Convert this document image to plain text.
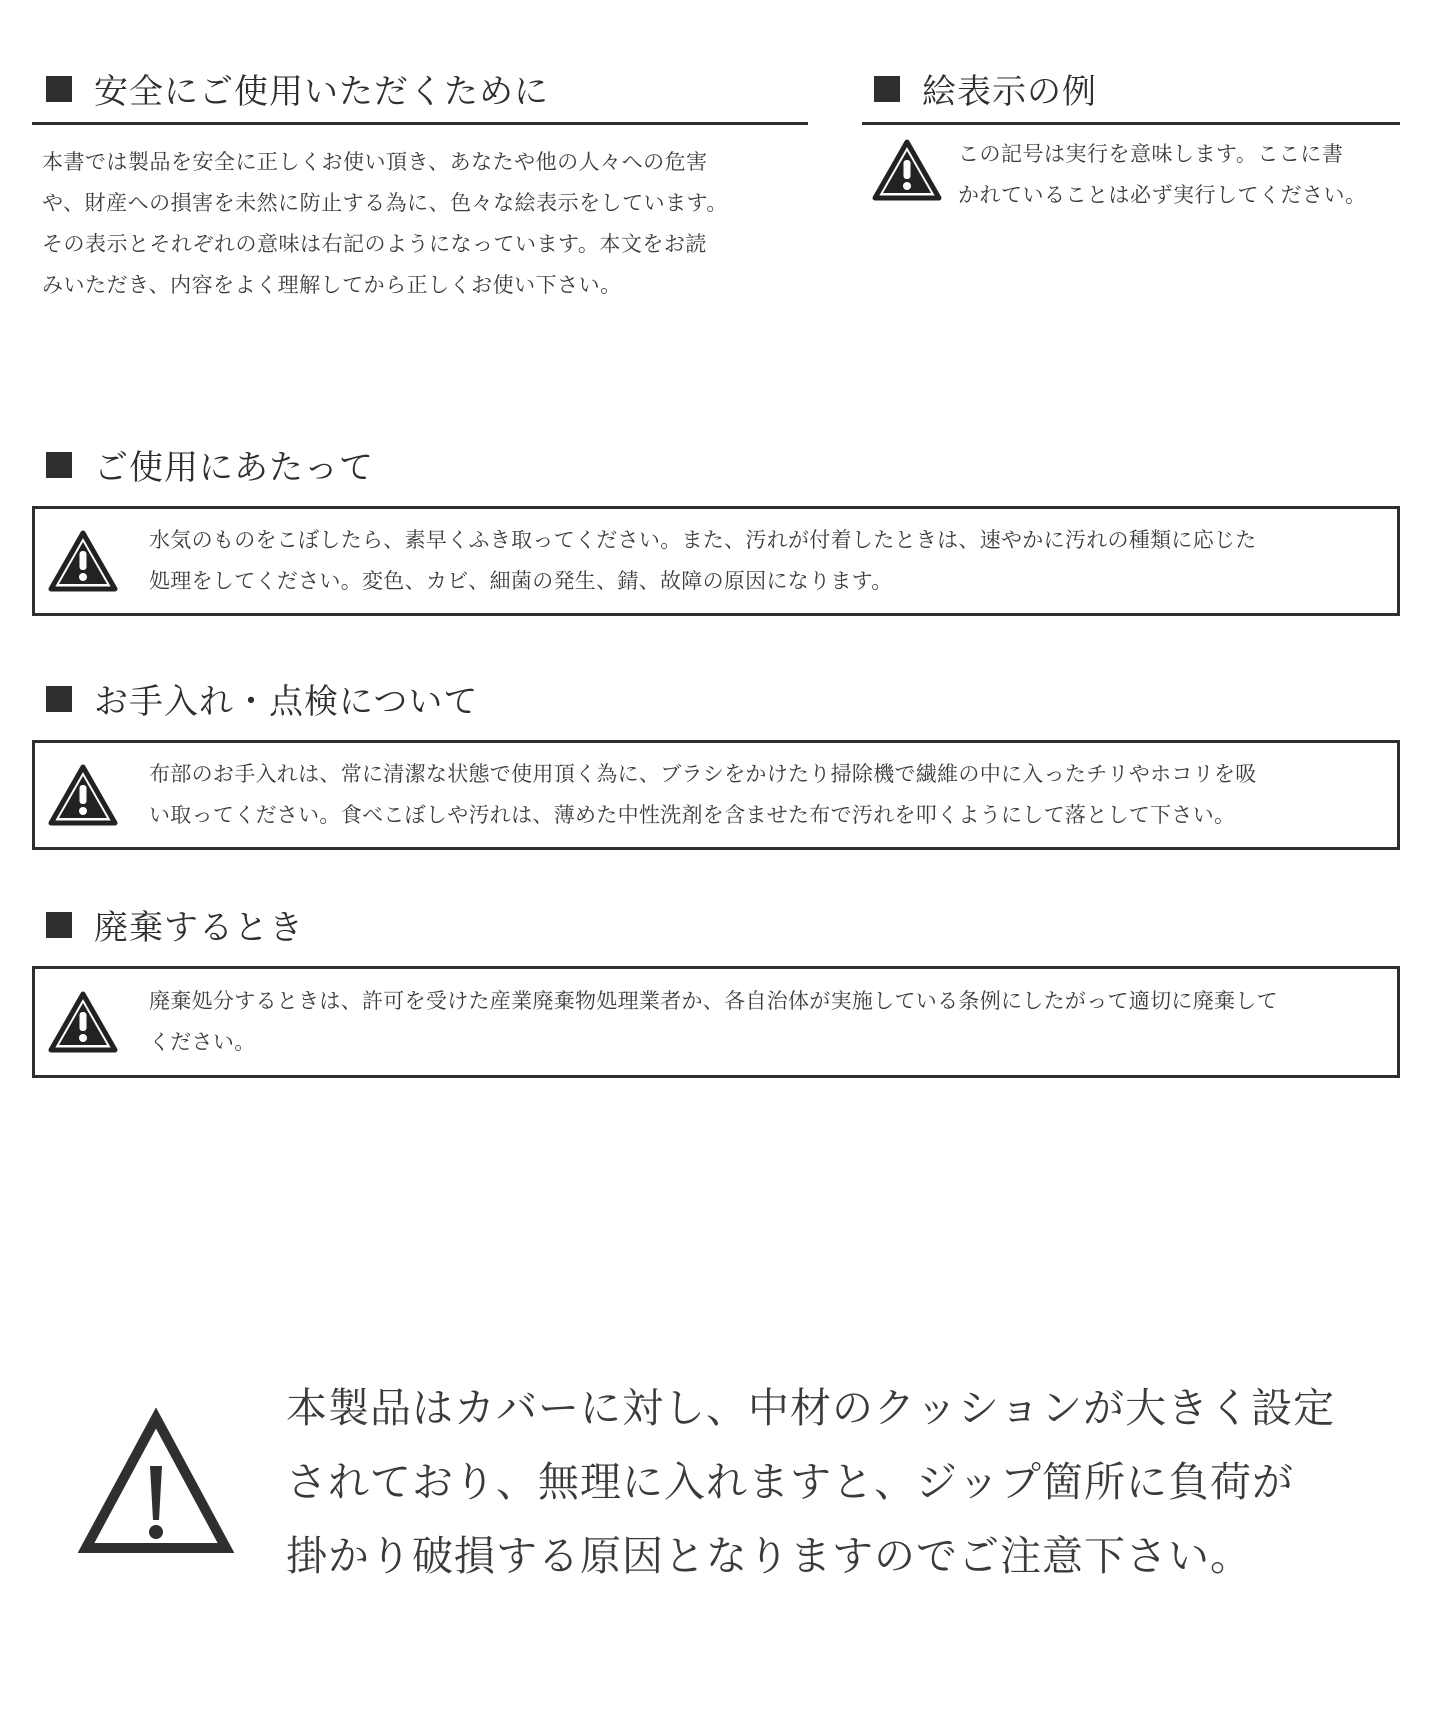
安全にご使用いただくために
本書では製品を安全に正しくお使い頂き、あなたや他の人々への危害
や、財産への損害を未然に防止する為に、色々な絵表示をしています。
その表示とそれぞれの意味は右記のようになっています。本文をお読
みいただき、内容をよく理解してから正しくお使い下さい。
絵表示の例
この記号は実行を意味します。ここに書
かれていることは必ず実行してください。
ご使用にあたって
水気のものをこぼしたら、素早くふき取ってください。また、汚れが付着したときは、速やかに汚れの種類に応じた
処理をしてください。変色、カビ、細菌の発生、錆、故障の原因になります。
お手入れ・点検について
布部のお手入れは、常に清潔な状態で使用頂く為に、ブラシをかけたり掃除機で繊維の中に入ったチリやホコリを吸
い取ってください。食べこぼしや汚れは、薄めた中性洗剤を含ませた布で汚れを叩くようにして落として下さい。
廃棄するとき
廃棄処分するときは、許可を受けた産業廃棄物処理業者か、各自治体が実施している条例にしたがって適切に廃棄して
ください。
本製品はカバーに対し、中材のクッションが大きく設定
されており、無理に入れますと、ジップ箇所に負荷が
掛かり破損する原因となりますのでご注意下さい。
